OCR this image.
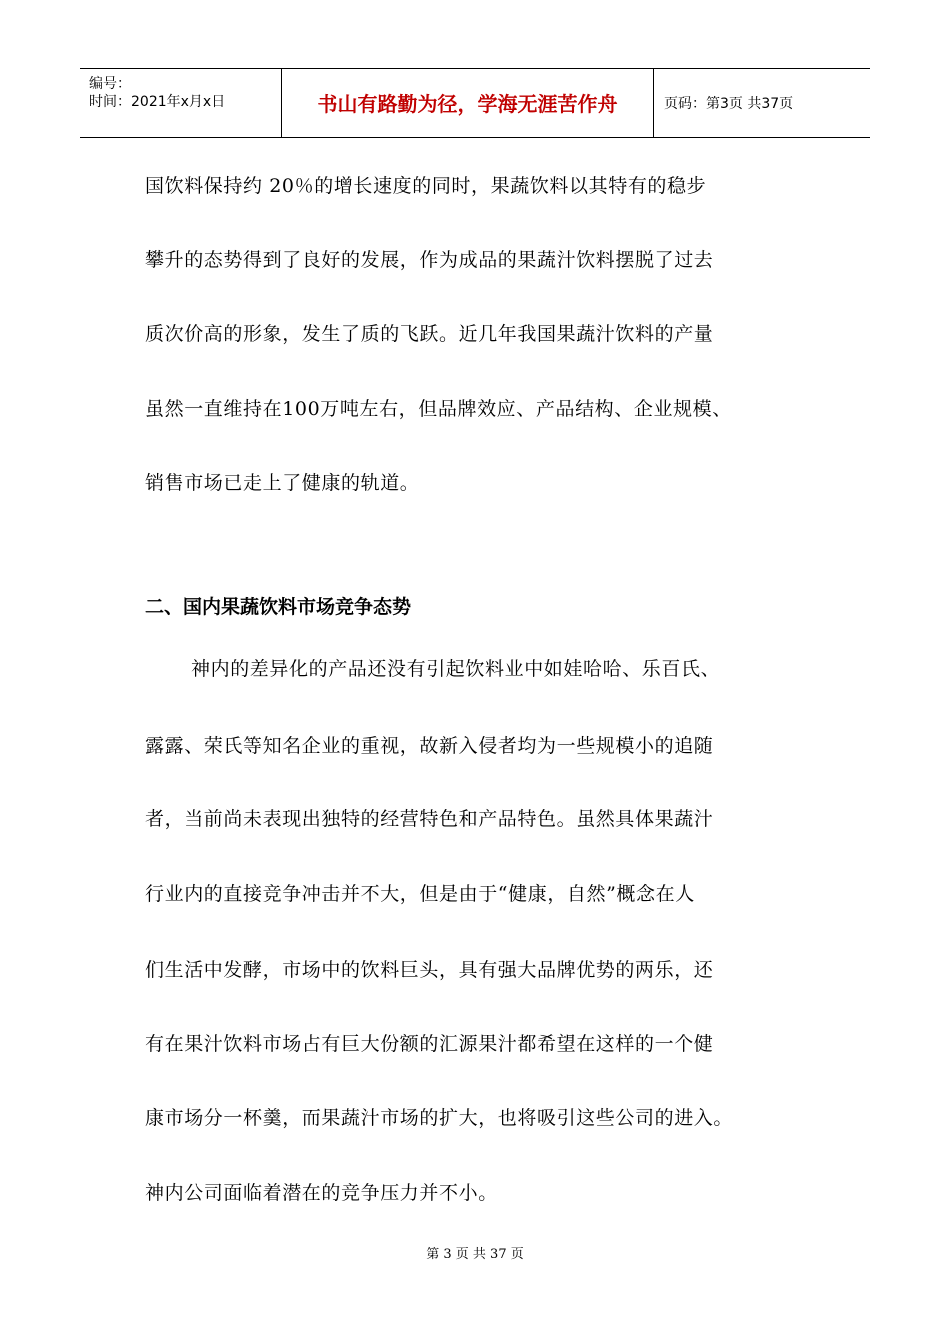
编号：
时间：2021年x月x日	书山有路勤为径，学海无涯苦作舟	页码：第3页 共37页
国饮料保持约 20％的增长速度的同时，果蔬饮料以其特有的稳步
攀升的态势得到了良好的发展，作为成品的果蔬汁饮料摆脱了过去
质次价高的形象，发生了质的飞跃。近几年我国果蔬汁饮料的产量
虽然一直维持在100万吨左右，但品牌效应、产品结构、企业规模、
销售市场已走上了健康的轨道。
二、国内果蔬饮料市场竞争态势
神内的差异化的产品还没有引起饮料业中如娃哈哈、乐百氏、
露露、荣氏等知名企业的重视，故新入侵者均为一些规模小的追随
者，当前尚未表现出独特的经营特色和产品特色。虽然具体果蔬汁
行业内的直接竞争冲击并不大，但是由于“健康，自然”概念在人
们生活中发酵，市场中的饮料巨头，具有强大品牌优势的两乐，还
有在果汁饮料市场占有巨大份额的汇源果汁都希望在这样的一个健
康市场分一杯羹，而果蔬汁市场的扩大，也将吸引这些公司的进入。
神内公司面临着潜在的竞争压力并不小。
第 3 页 共 37 页
